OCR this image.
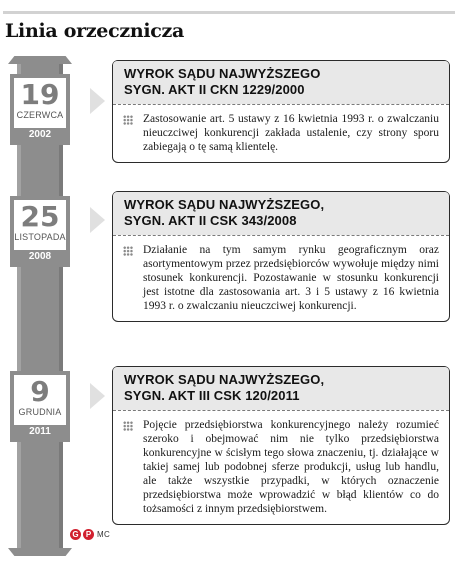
Linia orzecznicza
19
CZERWCA
2002
WYROK SĄDU NAJWYŻSZEGO
SYGN. AKT II CKN 1229/2000
Zastosowanie art. 5 ustawy z 16 kwietnia 1993 r. o zwalczaniu nieuczciwej konkurencji zakłada ustalenie, czy strony sporu zabiegają o tę samą klientelę.
25
LISTOPADA
2008
WYROK SĄDU NAJWYŻSZEGO,
SYGN. AKT II CSK 343/2008
Działanie na tym samym rynku geograficznym oraz asortymentowym przez przedsiębiorców wywołuje między nimi stosunek konkurencji. Pozostawanie w stosunku konkurencji jest istotne dla zastosowania art. 3 i 5 ustawy z 16 kwietnia 1993 r. o zwalczaniu nieuczciwej konkurencji.
9
GRUDNIA
2011
WYROK SĄDU NAJWYŻSZEGO,
SYGN. AKT III CSK 120/2011
Pojęcie przedsiębiorstwa konkurencyjnego należy rozumieć szeroko i obejmować nim nie tylko przedsiębiorstwa konkurencyjne w ścisłym tego słowa znaczeniu, tj. działające w takiej samej lub podobnej sferze produkcji, usług lub handlu, ale także wszystkie przypadki, w których oznaczenie przedsiębiorstwa może wprowadzić w błąd klientów co do tożsamości z innym przedsiębiorstwem.
G P MC
